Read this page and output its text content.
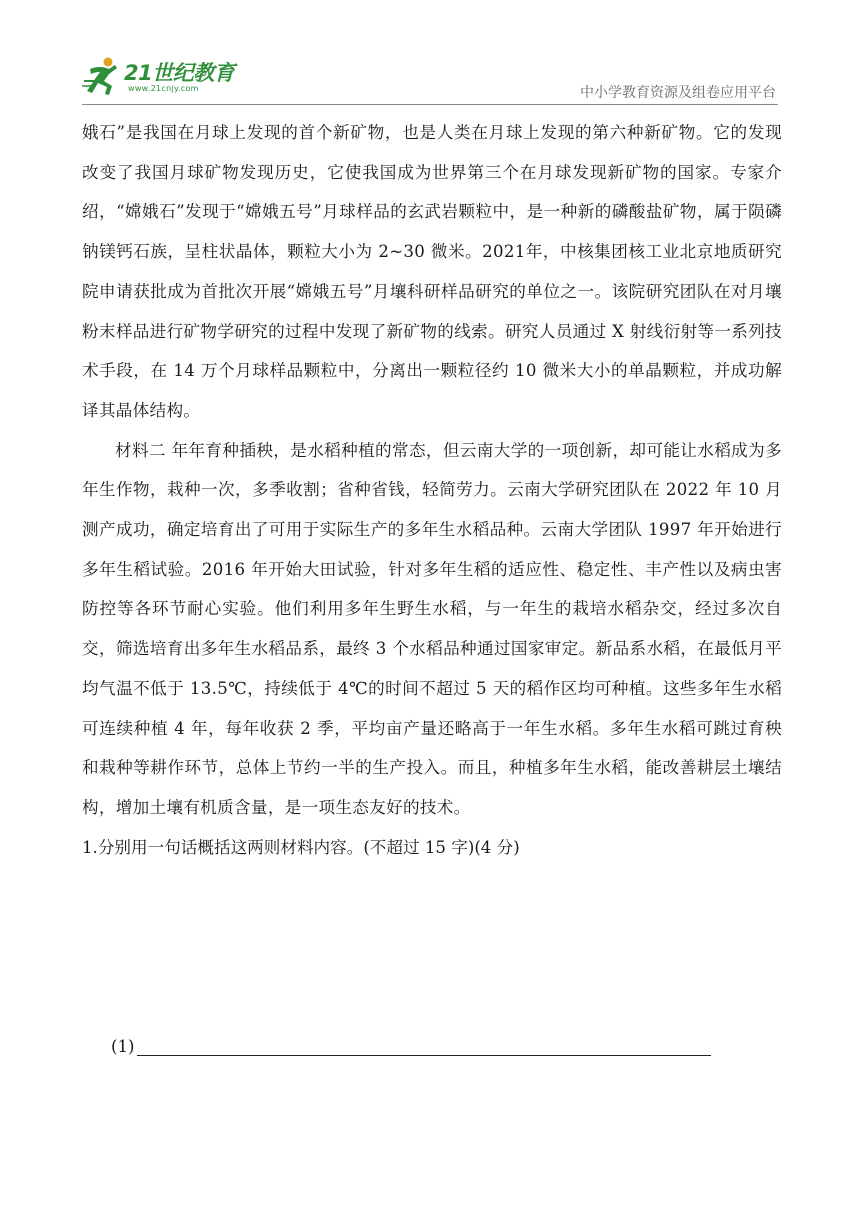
21世纪教育
www.21cnjy.com	中小学教育资源及组卷应用平台

娥石”是我国在月球上发现的首个新矿物，也是人类在月球上发现的第六种新矿物。它的发现改变了我国月球矿物发现历史，它使我国成为世界第三个在月球发现新矿物的国家。专家介绍，“嫦娥石”发现于“嫦娥五号”月球样品的玄武岩颗粒中，是一种新的磷酸盐矿物，属于陨磷钠镁钙石族，呈柱状晶体，颗粒大小为 2~30 微米。2021年，中核集团核工业北京地质研究院申请获批成为首批次开展“嫦娥五号”月壤科研样品研究的单位之一。该院研究团队在对月壤粉末样品进行矿物学研究的过程中发现了新矿物的线索。研究人员通过 X 射线衍射等一系列技术手段，在 14 万个月球样品颗粒中，分离出一颗粒径约 10 微米大小的单晶颗粒，并成功解译其晶体结构。

材料二 年年育种插秧，是水稻种植的常态，但云南大学的一项创新，却可能让水稻成为多年生作物，栽种一次，多季收割；省种省钱，轻简劳力。云南大学研究团队在 2022 年 10 月测产成功，确定培育出了可用于实际生产的多年生水稻品种。云南大学团队 1997 年开始进行多年生稻试验。2016 年开始大田试验，针对多年生稻的适应性、稳定性、丰产性以及病虫害防控等各环节耐心实验。他们利用多年生野生水稻，与一年生的栽培水稻杂交，经过多次自交，筛选培育出多年生水稻品系，最终 3 个水稻品种通过国家审定。新品系水稻，在最低月平均气温不低于 13.5℃，持续低于 4℃的时间不超过 5 天的稻作区均可种植。这些多年生水稻可连续种植 4 年，每年收获 2 季，平均亩产量还略高于一年生水稻。多年生水稻可跳过育秧和栽种等耕作环节，总体上节约一半的生产投入。而且，种植多年生水稻，能改善耕层土壤结构，增加土壤有机质含量，是一项生态友好的技术。

1.分别用一句话概括这两则材料内容。(不超过 15 字)(4 分)

(1)
